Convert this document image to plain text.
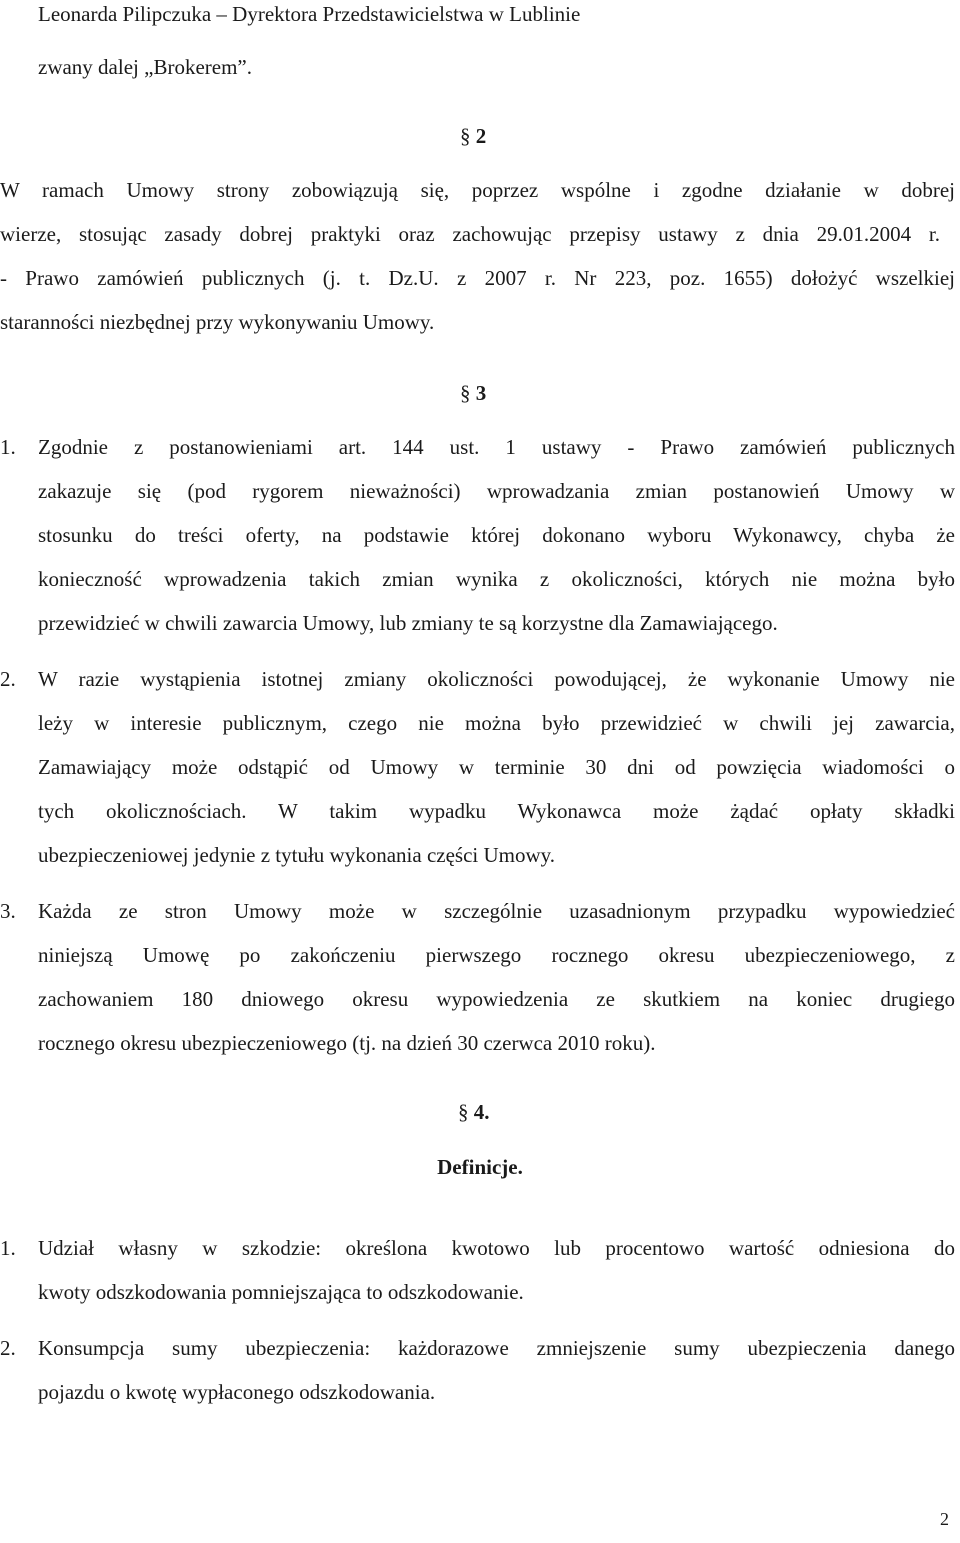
Leonarda Pilipczuka – Dyrektora Przedstawicielstwa w Lublinie
zwany dalej „Brokerem”.
§ 2
W ramach Umowy strony zobowiązują się, poprzez wspólne i zgodne działanie w dobrej
wierze, stosując zasady dobrej praktyki oraz zachowując przepisy ustawy z dnia 29.01.2004 r.
- Prawo zamówień publicznych (j. t. Dz.U. z 2007 r. Nr 223, poz. 1655) dołożyć wszelkiej
staranności niezbędnej przy wykonywaniu Umowy.
§ 3
1. Zgodnie z postanowieniami art. 144 ust. 1 ustawy - Prawo zamówień publicznych
zakazuje się (pod rygorem nieważności) wprowadzania zmian postanowień Umowy w
stosunku do treści oferty, na podstawie której dokonano wyboru Wykonawcy, chyba że
konieczność wprowadzenia takich zmian wynika z okoliczności, których nie można było
przewidzieć w chwili zawarcia Umowy, lub zmiany te są korzystne dla Zamawiającego.
2. W razie wystąpienia istotnej zmiany okoliczności powodującej, że wykonanie Umowy nie
leży w interesie publicznym, czego nie można było przewidzieć w chwili jej zawarcia,
Zamawiający może odstąpić od Umowy w terminie 30 dni od powzięcia wiadomości o
tych okolicznościach. W takim wypadku Wykonawca może żądać opłaty składki
ubezpieczeniowej jedynie z tytułu wykonania części Umowy.
3. Każda ze stron Umowy może w szczególnie uzasadnionym przypadku wypowiedzieć
niniejszą Umowę po zakończeniu pierwszego rocznego okresu ubezpieczeniowego, z
zachowaniem 180 dniowego okresu wypowiedzenia ze skutkiem na koniec drugiego
rocznego okresu ubezpieczeniowego (tj. na dzień 30 czerwca 2010 roku).
§ 4.
Definicje.
1. Udział własny w szkodzie: określona kwotowo lub procentowo wartość odniesiona do
kwoty odszkodowania pomniejszająca to odszkodowanie.
2. Konsumpcja sumy ubezpieczenia: każdorazowe zmniejszenie sumy ubezpieczenia danego
pojazdu o kwotę wypłaconego odszkodowania.
2
